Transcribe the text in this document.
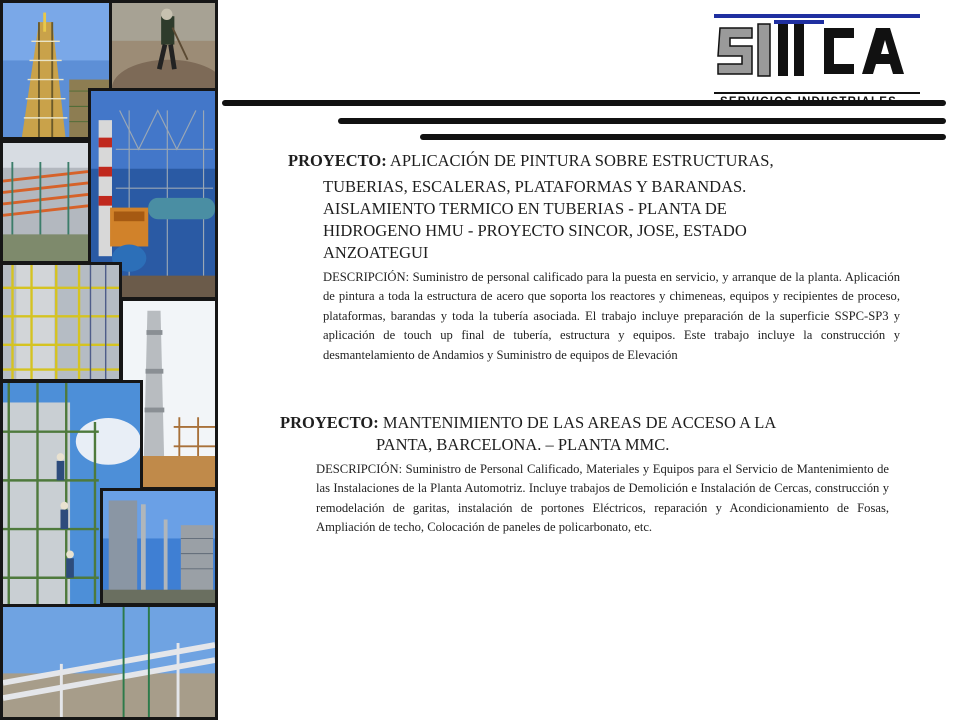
PROYECTO: APLICACIÓN DE PINTURA SOBRE ESTRUCTURAS,
TUBERIAS, ESCALERAS, PLATAFORMAS Y BARANDAS. AISLAMIENTO TERMICO EN TUBERIAS - PLANTA DE HIDROGENO HMU - PROYECTO SINCOR, JOSE, ESTADO ANZOATEGUI
DESCRIPCIÓN: Suministro de personal calificado para la puesta en servicio, y arranque de la planta. Aplicación de pintura a toda la estructura de acero que soporta los reactores y chimeneas, equipos y recipientes de proceso, plataformas, barandas y toda la tubería asociada. El trabajo incluye preparación de la superficie SSPC-SP3 y aplicación de touch up final de tubería, estructura y equipos. Este trabajo incluye la construcción y desmantelamiento de Andamios y Suministro de equipos de Elevación
PROYECTO: MANTENIMIENTO DE LAS AREAS DE ACCESO A LA
PANTA, BARCELONA. – PLANTA MMC.
DESCRIPCIÓN: Suministro de Personal Calificado, Materiales y Equipos para el Servicio de Mantenimiento de las Instalaciones de la Planta Automotriz. Incluye trabajos de Demolición e Instalación de Cercas, construcción y remodelación de garitas, instalación de portones Eléctricos, reparación y Acondicionamiento de Fosas, Ampliación de techo, Colocación de paneles de policarbonato, etc.
